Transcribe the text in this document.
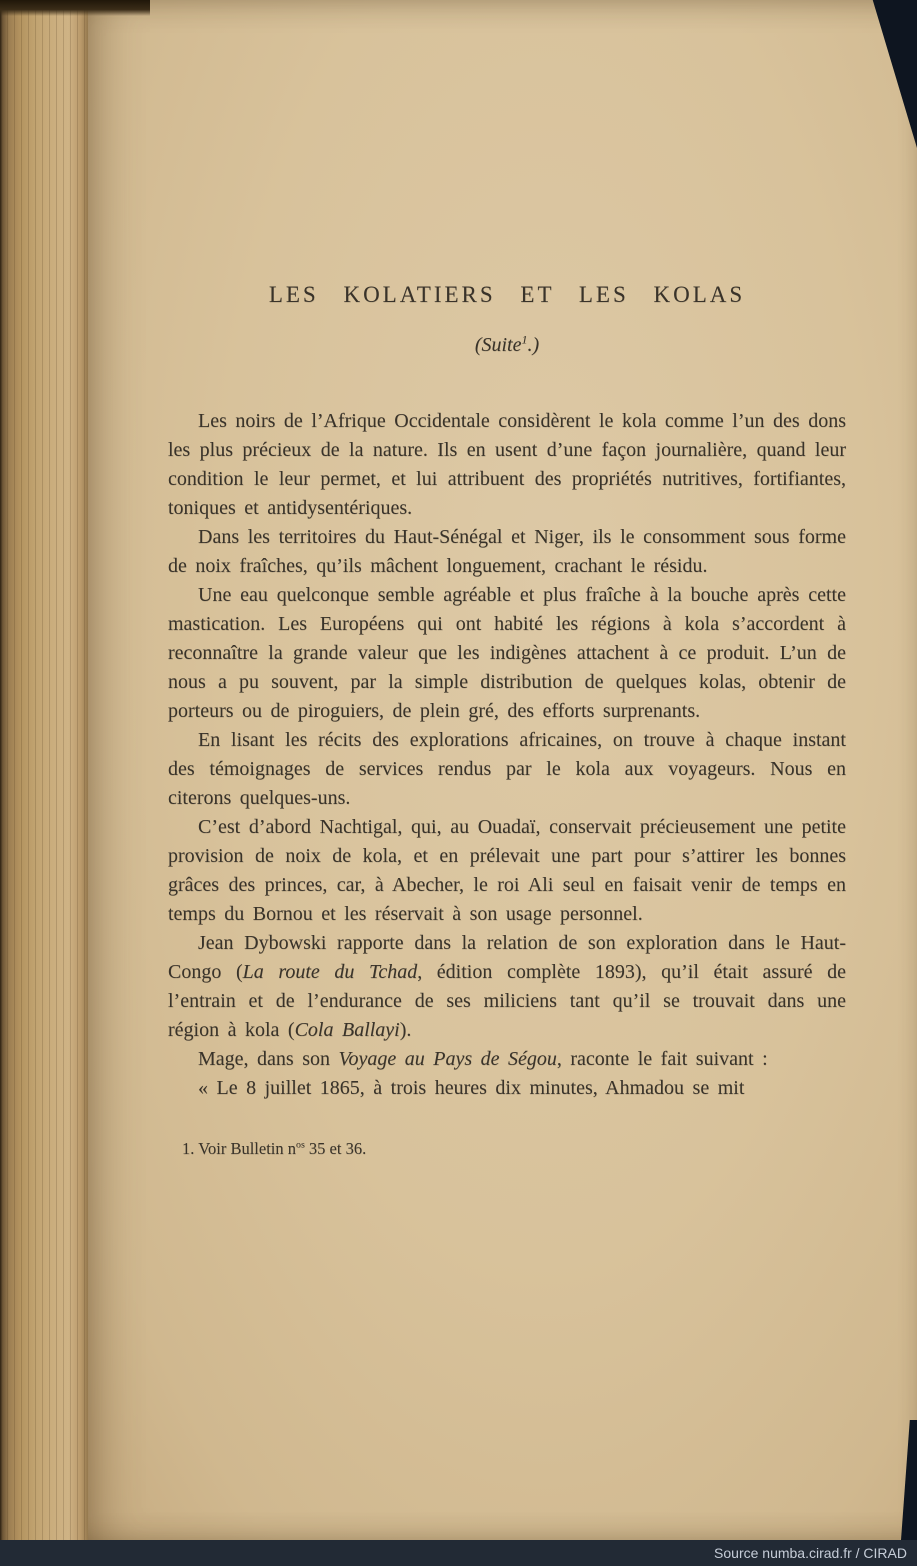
LES KOLATIERS ET LES KOLAS
(Suite$^1$.)

Les noirs de l’Afrique Occidentale considèrent le kola comme l’un des dons les plus précieux de la nature. Ils en usent d’une façon journalière, quand leur condition le leur permet, et lui attribuent des propriétés nutritives, fortifiantes, toniques et antidysentériques.

Dans les territoires du Haut-Sénégal et Niger, ils le consomment sous forme de noix fraîches, qu’ils mâchent longuement, crachant le résidu.

Une eau quelconque semble agréable et plus fraîche à la bouche après cette mastication. Les Européens qui ont habité les régions à kola s’accordent à reconnaître la grande valeur que les indigènes attachent à ce produit. L’un de nous a pu souvent, par la simple distribution de quelques kolas, obtenir de porteurs ou de piroguiers, de plein gré, des efforts surprenants.

En lisant les récits des explorations africaines, on trouve à chaque instant des témoignages de services rendus par le kola aux voyageurs. Nous en citerons quelques-uns.

C’est d’abord Nachtigal, qui, au Ouadaï, conservait précieusement une petite provision de noix de kola, et en prélevait une part pour s’attirer les bonnes grâces des princes, car, à Abecher, le roi Ali seul en faisait venir de temps en temps du Bornou et les réservait à son usage personnel.

Jean Dybowski rapporte dans la relation de son exploration dans le Haut-Congo (La route du Tchad, édition complète 1893), qu’il était assuré de l’entrain et de l’endurance de ses miliciens tant qu’il se trouvait dans une région à kola (Cola Ballayi).

Mage, dans son Voyage au Pays de Ségou, raconte le fait suivant :

« Le 8 juillet 1865, à trois heures dix minutes, Ahmadou se mit

1. Voir Bulletin $n^{os}$ 35 et 36.
Source numba.cirad.fr / CIRAD
